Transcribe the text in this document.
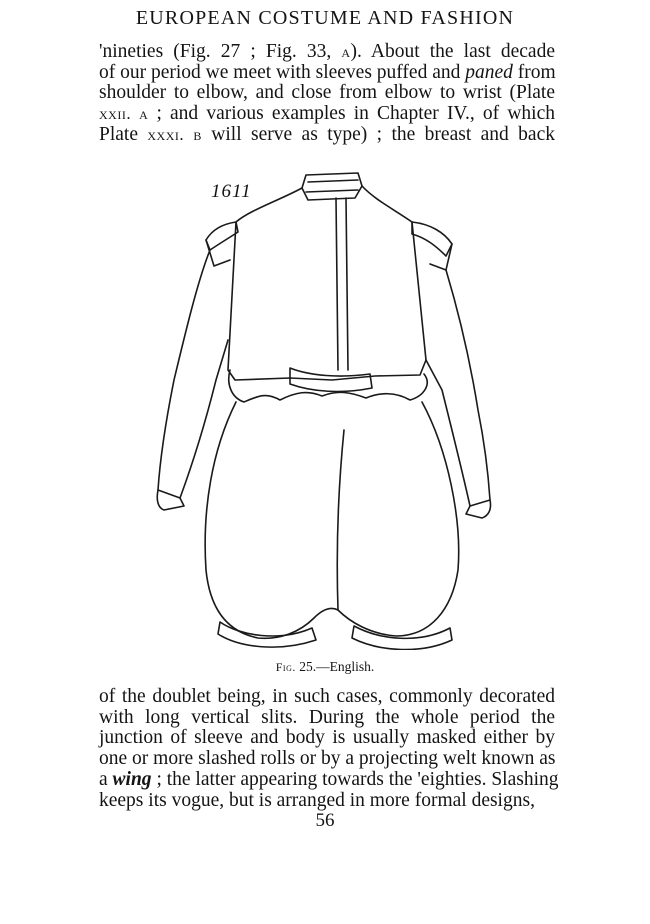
EUROPEAN COSTUME AND FASHION
'nineties (Fig. 27 ; Fig. 33, a). About the last decade
of our period we meet with sleeves puffed and paned from
shoulder to elbow, and close from elbow to wrist (Plate
xxii. a ; and various examples in Chapter IV., of which
Plate xxxi. b will serve as type) ; the breast and back
1611
Fig. 25.—English.
of the doublet being, in such cases, commonly decorated
with long vertical slits. During the whole period the
junction of sleeve and body is usually masked either by
one or more slashed rolls or by a projecting welt known as
a wing ; the latter appearing towards the 'eighties. Slashing
keeps its vogue, but is arranged in more formal designs,
56
